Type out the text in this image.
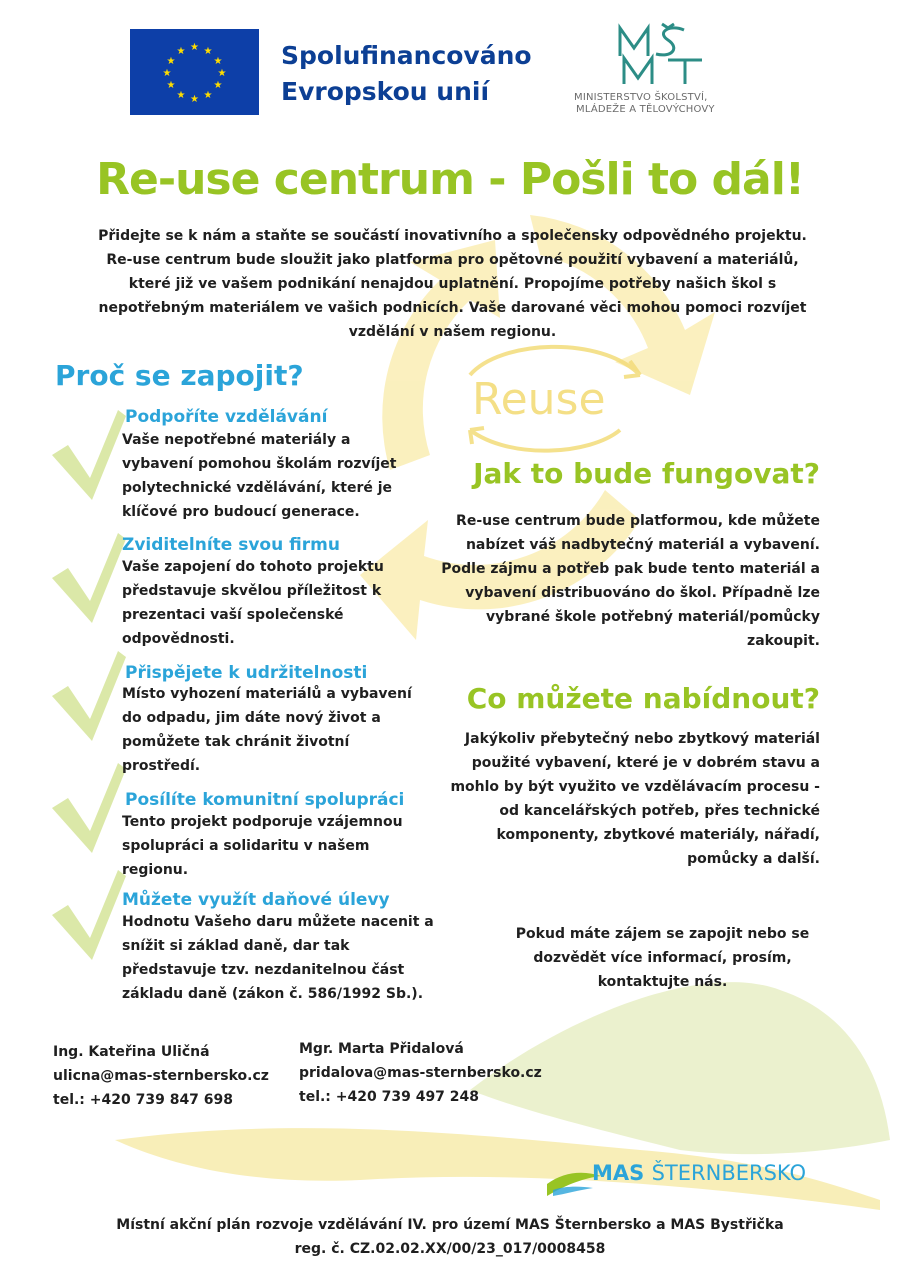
Reuse
★ ★
★
★
★
★
★
★
★
★
★
★	Spolufinancováno
Evropskou unií	MINISTERSTVO ŠKOLSTVÍ,
MLÁDEŽE A TĚLOVÝCHOVY
Re-use centrum - Pošli to dál!
Přidejte se k nám a staňte se součástí inovativního a společensky odpovědného projektu. Re-use centrum bude sloužit jako platforma pro opětovné použití vybavení a materiálů, které již ve vašem podnikání nenajdou uplatnění. Propojíme potřeby našich škol s nepotřebným materiálem ve vašich podnicích. Vaše darované věci mohou pomoci rozvíjet vzdělání v našem regionu.
Proč se zapojit?
Podpoříte vzdělávání
Vaše nepotřebné materiály a vybavení pomohou školám rozvíjet polytechnické vzdělávání, které je klíčové pro budoucí generace.
Zviditelníte svou firmu
Vaše zapojení do tohoto projektu představuje skvělou příležitost k prezentaci vaší společenské odpovědnosti.
Přispějete k udržitelnosti
Místo vyhození materiálů a vybavení do odpadu, jim dáte nový život a pomůžete tak chránit životní prostředí.
Posílíte komunitní spolupráci
Tento projekt podporuje vzájemnou spolupráci a solidaritu v našem regionu.
Můžete využít daňové úlevy
Hodnotu Vašeho daru můžete nacenit a snížit si základ daně, dar tak představuje tzv. nezdanitelnou část základu daně (zákon č. 586/1992 Sb.).
Jak to bude fungovat?
Re-use centrum bude platformou, kde můžete nabízet váš nadbytečný materiál a vybavení. Podle zájmu a potřeb pak bude tento materiál a vybavení distribuováno do škol. Případně lze vybrané škole potřebný materiál/pomůcky zakoupit.
Co můžete nabídnout?
Jakýkoliv přebytečný nebo zbytkový materiál použité vybavení, které je v dobrém stavu a mohlo by být využito ve vzdělávacím procesu - od kancelářských potřeb, přes technické komponenty, zbytkové materiály, nářadí, pomůcky a další.
Pokud máte zájem se zapojit nebo se dozvědět více informací, prosím, kontaktujte nás.
Ing. Kateřina Uličná
ulicna@mas-sternbersko.cz
tel.: +420 739 847 698
Mgr. Marta Přidalová
pridalova@mas-sternbersko.cz
tel.: +420 739 497 248
MAS ŠTERNBERSKO
Místní akční plán rozvoje vzdělávání IV. pro území MAS Šternbersko a MAS Bystřička
reg. č. CZ.02.02.XX/00/23_017/0008458
